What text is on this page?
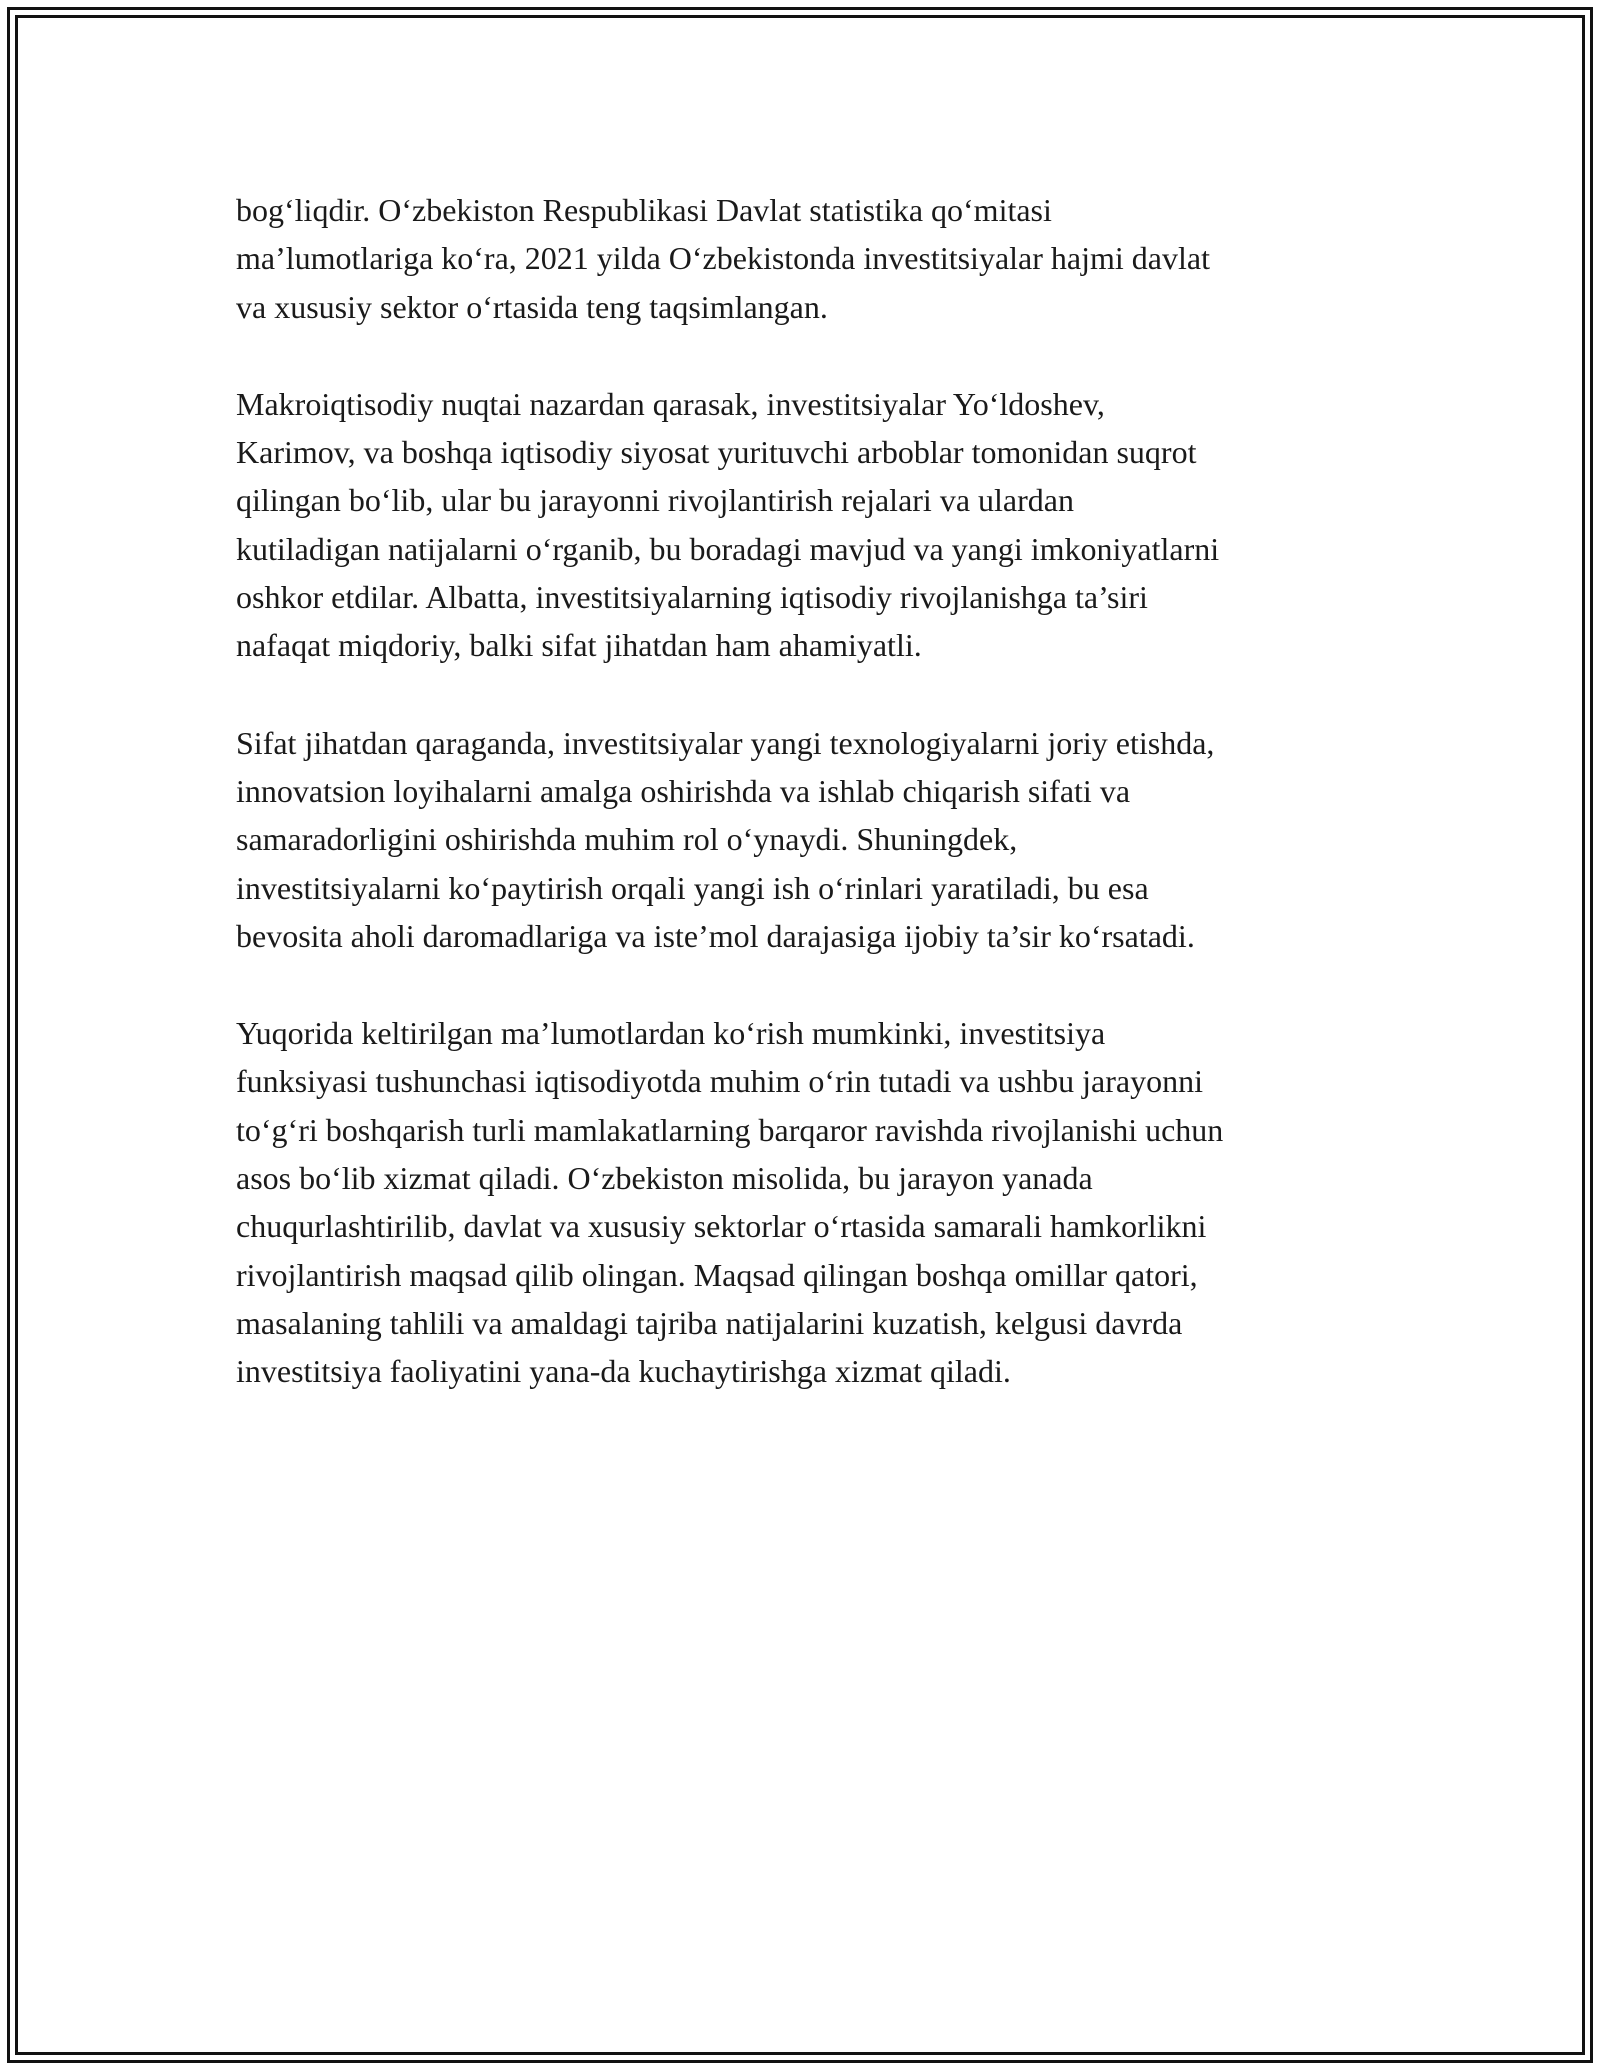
bog‘liqdir. O‘zbekiston Respublikasi Davlat statistika qo‘mitasi
ma’lumotlariga ko‘ra, 2021 yilda O‘zbekistonda investitsiyalar hajmi davlat
va xususiy sektor o‘rtasida teng taqsimlangan.

Makroiqtisodiy nuqtai nazardan qarasak, investitsiyalar Yo‘ldoshev,
Karimov, va boshqa iqtisodiy siyosat yurituvchi arboblar tomonidan suqrot
qilingan bo‘lib, ular bu jarayonni rivojlantirish rejalari va ulardan
kutiladigan natijalarni o‘rganib, bu boradagi mavjud va yangi imkoniyatlarni
oshkor etdilar. Albatta, investitsiyalarning iqtisodiy rivojlanishga ta’siri
nafaqat miqdoriy, balki sifat jihatdan ham ahamiyatli.

Sifat jihatdan qaraganda, investitsiyalar yangi texnologiyalarni joriy etishda,
innovatsion loyihalarni amalga oshirishda va ishlab chiqarish sifati va
samaradorligini oshirishda muhim rol o‘ynaydi. Shuningdek,
investitsiyalarni ko‘paytirish orqali yangi ish o‘rinlari yaratiladi, bu esa
bevosita aholi daromadlariga va iste’mol darajasiga ijobiy ta’sir ko‘rsatadi.

Yuqorida keltirilgan ma’lumotlardan ko‘rish mumkinki, investitsiya
funksiyasi tushunchasi iqtisodiyotda muhim o‘rin tutadi va ushbu jarayonni
to‘g‘ri boshqarish turli mamlakatlarning barqaror ravishda rivojlanishi uchun
asos bo‘lib xizmat qiladi. O‘zbekiston misolida, bu jarayon yanada
chuqurlashtirilib, davlat va xususiy sektorlar o‘rtasida samarali hamkorlikni
rivojlantirish maqsad qilib olingan. Maqsad qilingan boshqa omillar qatori,
masalaning tahlili va amaldagi tajriba natijalarini kuzatish, kelgusi davrda
investitsiya faoliyatini yana-da kuchaytirishga xizmat qiladi.
